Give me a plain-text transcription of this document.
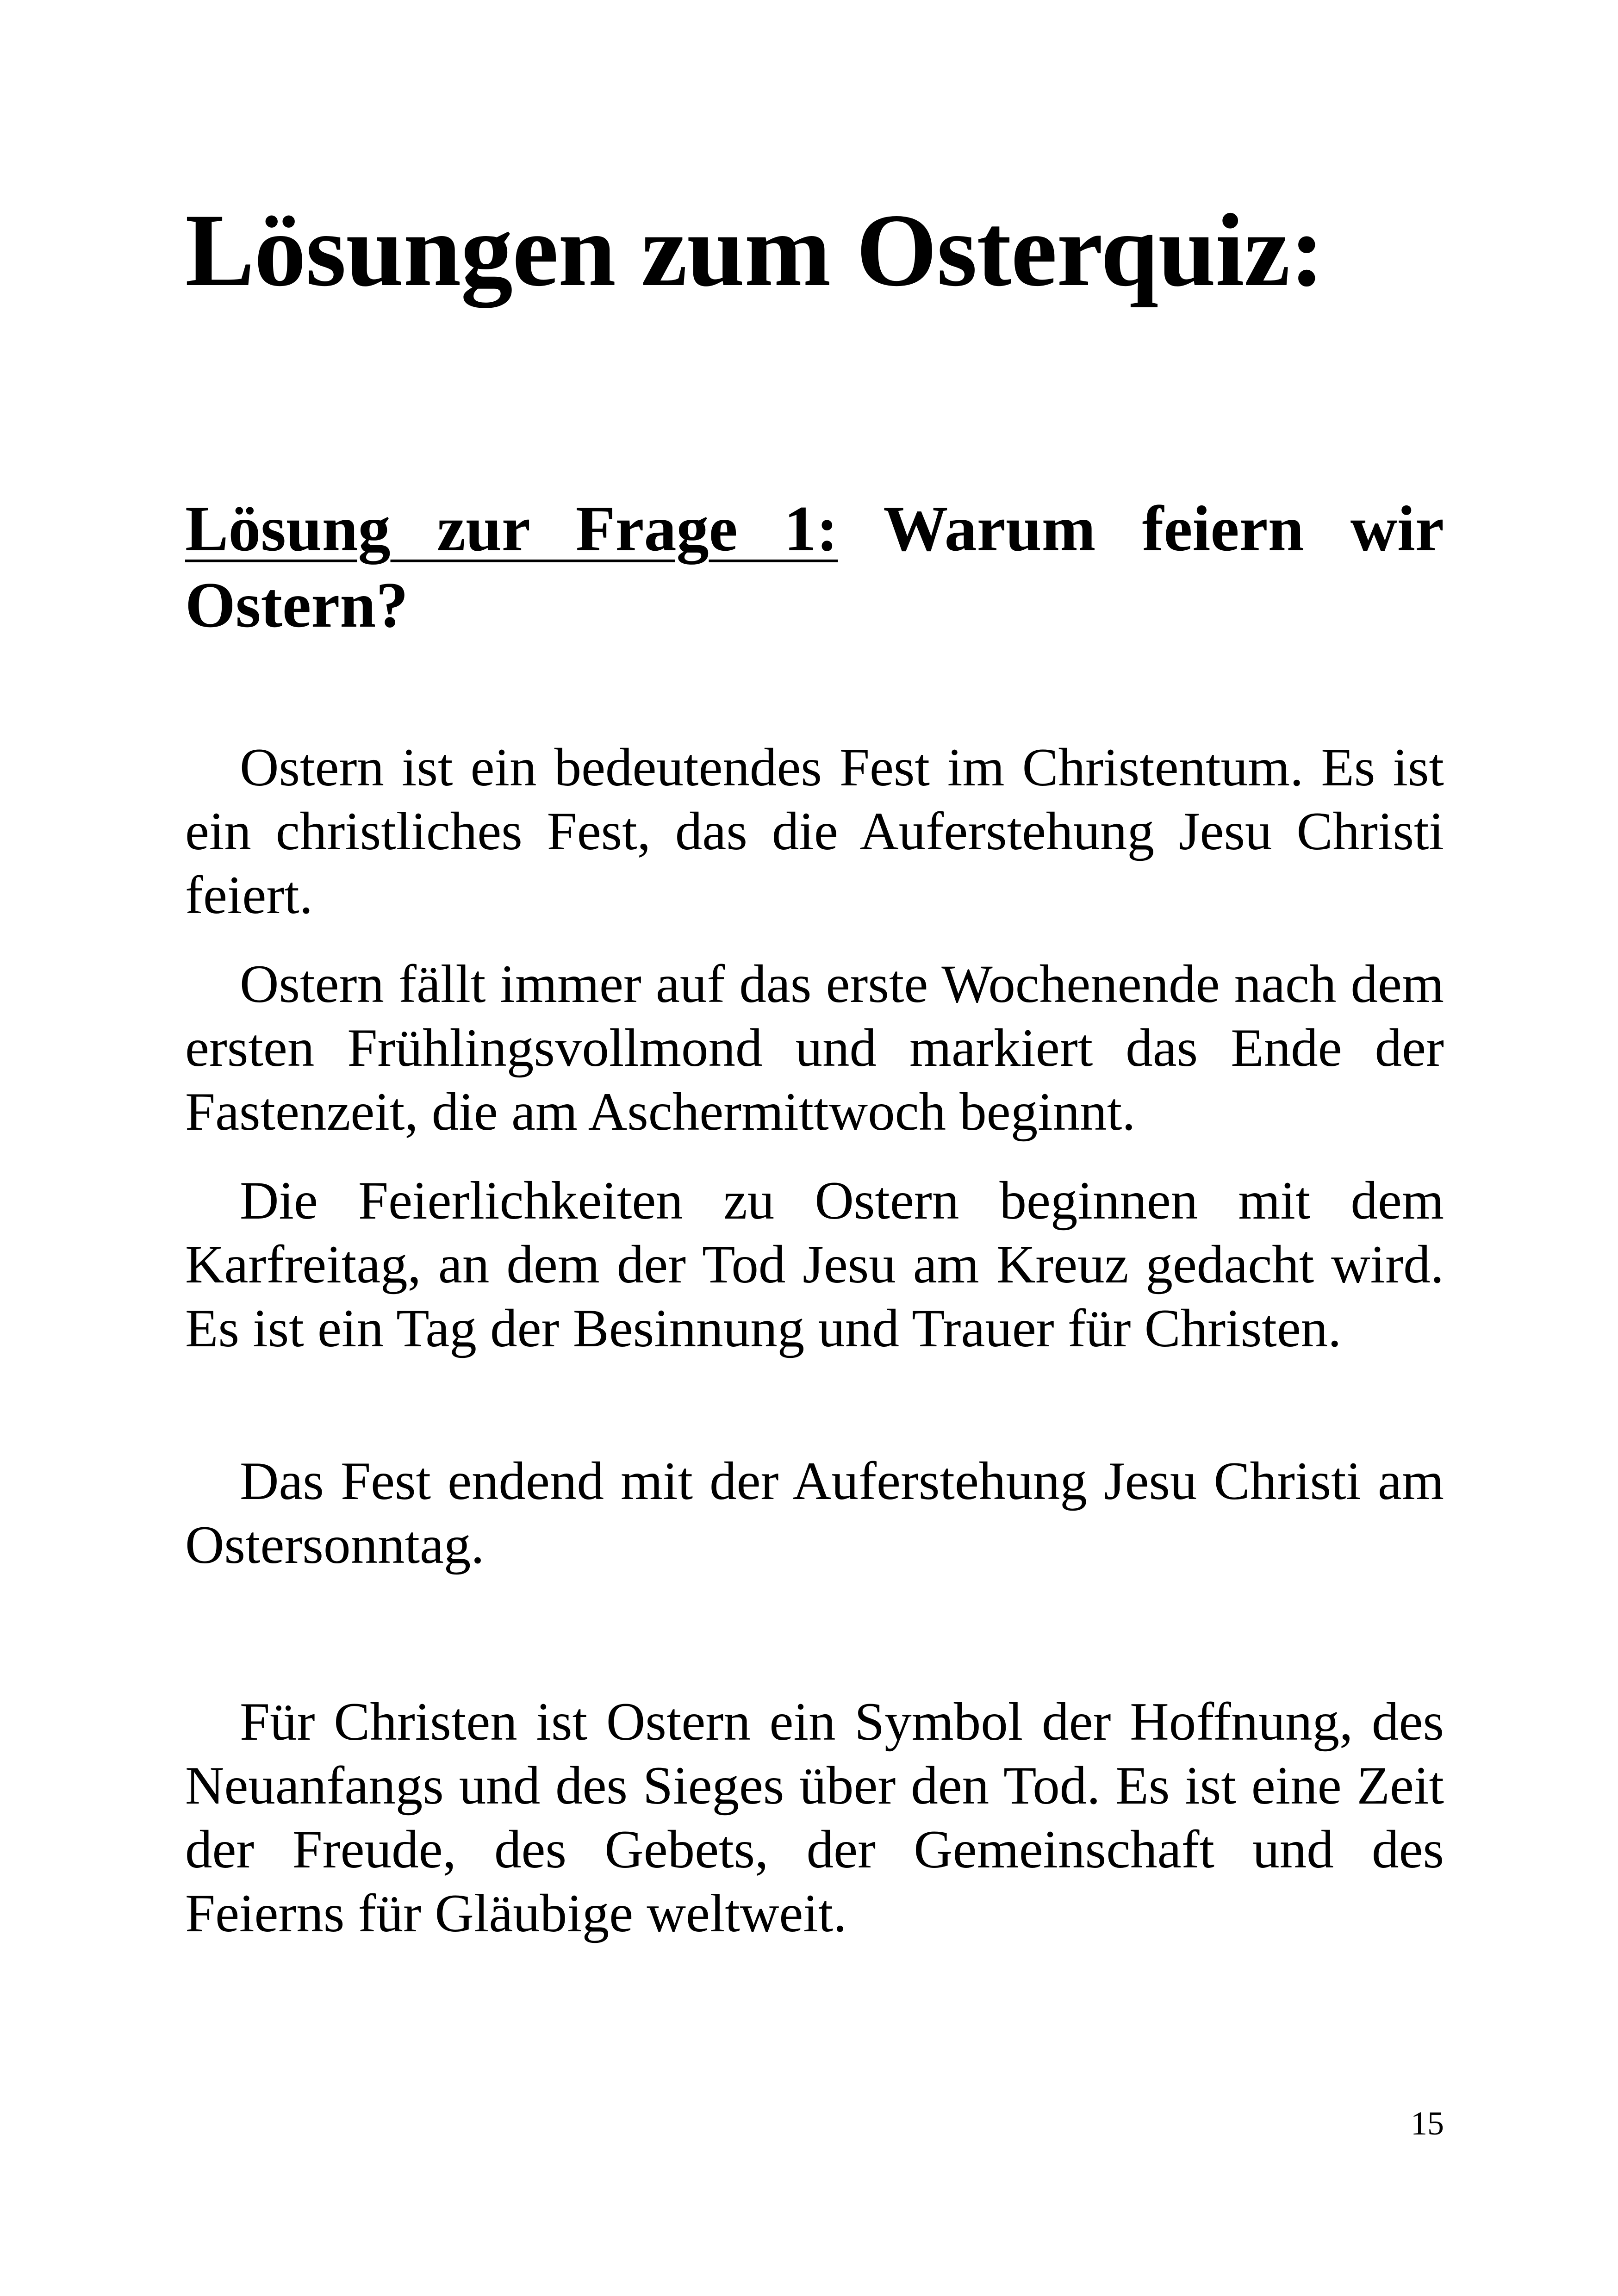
Lösungen zum Osterquiz:
Lösung zur Frage 1: Warum feiern wir Ostern?

Ostern ist ein bedeutendes Fest im Christentum. Es ist ein christliches Fest, das die Auferstehung Jesu Christi feiert.

Ostern fällt immer auf das erste Wochenende nach dem ersten Frühlingsvollmond und markiert das Ende der Fastenzeit, die am Aschermittwoch beginnt.

Die Feierlichkeiten zu Ostern beginnen mit dem Karfreitag, an dem der Tod Jesu am Kreuz gedacht wird. Es ist ein Tag der Besinnung und Trauer für Christen.

Das Fest endend mit der Auferstehung Jesu Christi am Ostersonntag.

Für Christen ist Ostern ein Symbol der Hoffnung, des Neuanfangs und des Sieges über den Tod. Es ist eine Zeit der Freude, des Gebets, der Gemeinschaft und des Feierns für Gläubige weltweit.

15
